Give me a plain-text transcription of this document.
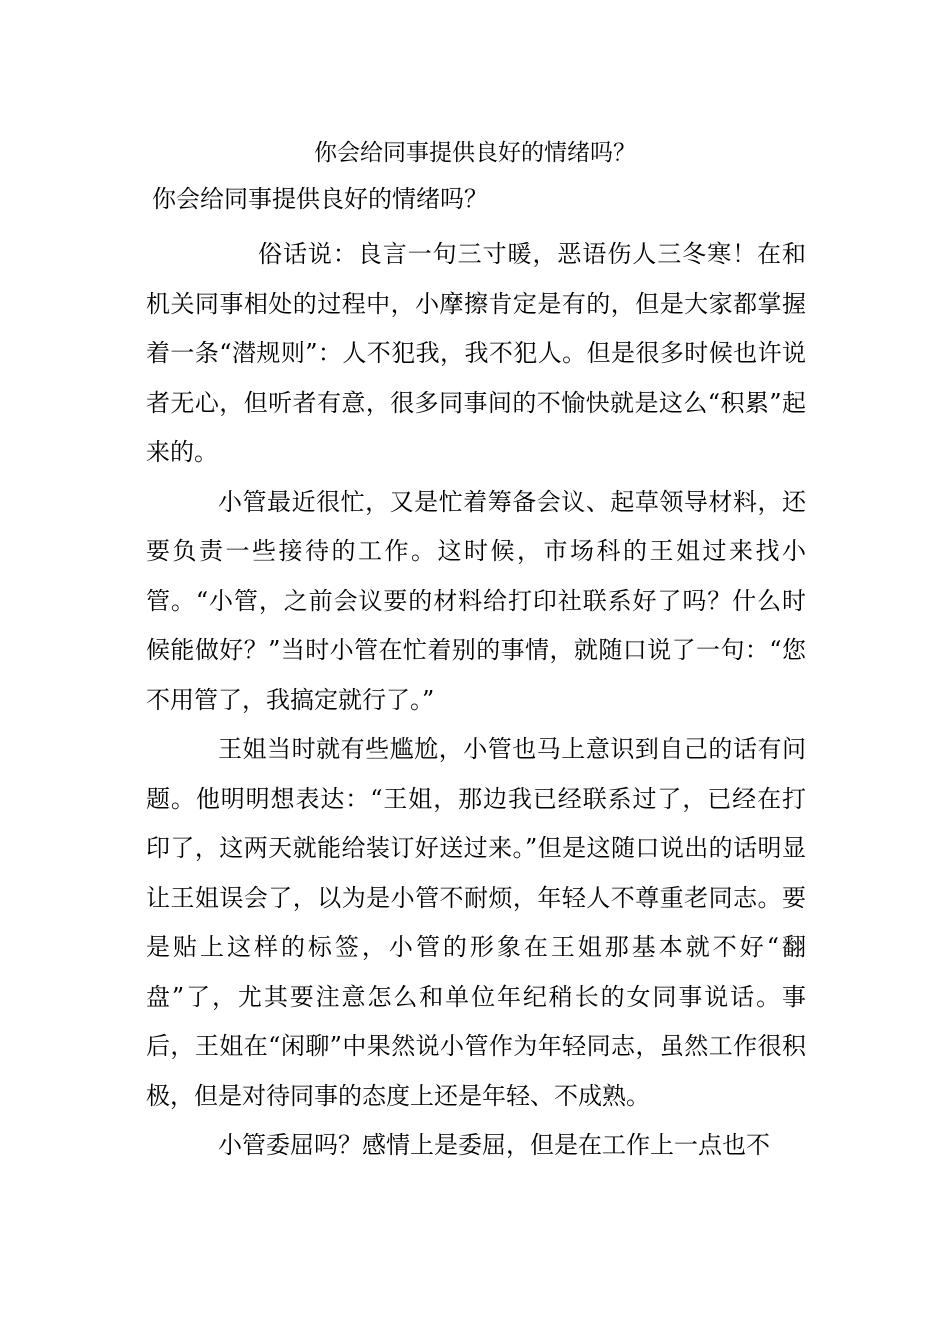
你会给同事提供良好的情绪吗？
你会给同事提供良好的情绪吗？

俗话说：良言一句三寸暖，恶语伤人三冬寒！在和机关同事相处的过程中，小摩擦肯定是有的，但是大家都掌握着一条“潜规则”：人不犯我，我不犯人。但是很多时候也许说者无心，但听者有意，很多同事间的不愉快就是这么“积累”起来的。

小管最近很忙，又是忙着筹备会议、起草领导材料，还要负责一些接待的工作。这时候，市场科的王姐过来找小管。“小管，之前会议要的材料给打印社联系好了吗？什么时候能做好？”当时小管在忙着别的事情，就随口说了一句：“您不用管了，我搞定就行了。”

王姐当时就有些尴尬，小管也马上意识到自己的话有问题。他明明想表达：“王姐，那边我已经联系过了，已经在打印了，这两天就能给装订好送过来。”但是这随口说出的话明显让王姐误会了，以为是小管不耐烦，年轻人不尊重老同志。要是贴上这样的标签，小管的形象在王姐那基本就不好“翻盘”了，尤其要注意怎么和单位年纪稍长的女同事说话。事后，王姐在“闲聊”中果然说小管作为年轻同志，虽然工作很积极，但是对待同事的态度上还是年轻、不成熟。

小管委屈吗？感情上是委屈，但是在工作上一点也不
